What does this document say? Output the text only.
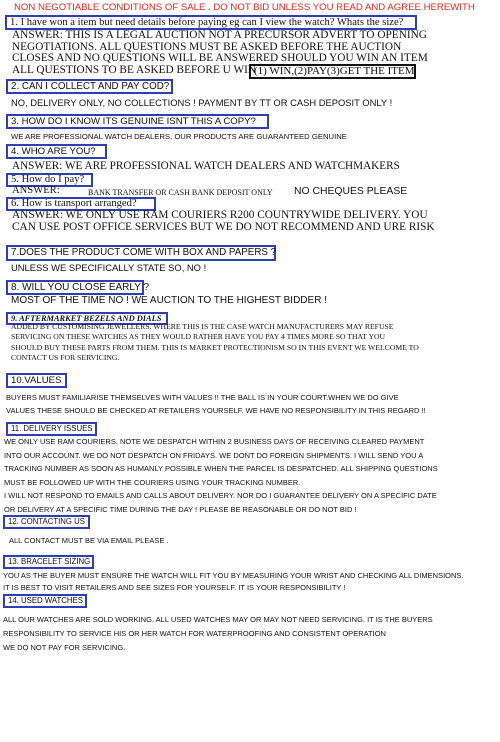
NON NEGOTIABLE CONDITIONS OF SALE . DO NOT BID UNLESS YOU READ AND AGREE HEREWITH
1. I have won a item but need details before paying eg can I view the watch? Whats the size?
ANSWER: THIS IS A LEGAL AUCTION NOT A PRECURSOR ADVERT TO OPENING
NEGOTIATIONS. ALL QUESTIONS MUST BE ASKED BEFORE THE AUCTION
CLOSES AND NO QUESTIONS WILL BE ANSWERED SHOULD YOU WIN AN ITEM
ALL QUESTIONS TO BE ASKED BEFORE U WIN
(1) WIN,(2)PAY(3)GET THE ITEM
2. CAN I COLLECT AND PAY COD?
NO, DELIVERY ONLY, NO COLLECTIONS ! PAYMENT BY TT OR CASH DEPOSIT ONLY !
3. HOW DO I KNOW ITS GENUINE ISNT THIS A COPY?
WE ARE PROFESSIONAL WATCH DEALERS, OUR PRODUCTS ARE GUARANTEED GENUINE
4. WHO ARE YOU?
ANSWER: WE ARE PROFESSIONAL WATCH DEALERS AND WATCHMAKERS
5. How do I pay?
ANSWER:	BANK TRANSFER OR CASH BANK DEPOSIT ONLY NO CHEQUES PLEASE
6. How is transport arranged?
ANSWER: WE ONLY USE RAM COURIERS R200 COUNTRYWIDE DELIVERY. YOU
CAN USE POST OFFICE SERVICES BUT WE DO NOT RECOMMEND AND URE RISK
7.DOES THE PRODUCT COME WITH BOX AND PAPERS ?
UNLESS WE SPECIFICALLY STATE SO, NO !
8. WILL YOU CLOSE EARLY ?
MOST OF THE TIME NO ! WE AUCTION TO THE HIGHEST BIDDER !
9. AFTERMARKET BEZELS AND DIALS
ADDED BY CUSTOMISING JEWELLERS. WHERE THIS IS THE CASE WATCH MANUFACTURERS MAY REFUSE
SERVICING ON THESE WATCHES AS THEY WOULD RATHER HAVE YOU PAY 4 TIMES MORE SO THAT YOU
SHOULD BUY THESE PARTS FROM THEM. THIS IS MARKET PROTECTIONISM SO IN THIS EVENT WE WELCOME TO
CONTACT US FOR SERVICING.
10.VALUES
BUYERS MUST FAMILIARISE THEMSELVES WITH VALUES !! THE BALL IS IN YOUR COURT.WHEN WE DO GIVE
VALUES THESE SHOULD BE CHECKED AT RETAILERS YOURSELF. WE HAVE NO RESPONSIBILITY IN THIS REGARD !!
11. DELIVERY ISSUES
WE ONLY USE RAM COURIERS. NOTE WE DESPATCH WITHIN 2 BUSINESS DAYS OF RECEIVING CLEARED PAYMENT
INTO OUR ACCOUNT. WE DO NOT DESPATCH ON FRIDAYS. WE DONT DO FOREIGN SHIPMENTS. I WILL SEND YOU A
TRACKING NUMBER AS SOON AS HUMANLY POSSIBLE WHEN THE PARCEL IS DESPATCHED. ALL SHIPPING QUESTIONS
MUST BE FOLLOWED UP WITH THE COURIERS USING YOUR TRACKING NUMBER.
I WILL NOT RESPOND TO EMAILS AND CALLS ABOUT DELIVERY. NOR DO I GUARANTEE DELIVERY ON A SPECIFIC DATE
OR DELIVERY AT A SPECIFIC TIME DURING THE DAY ! PLEASE BE REASONABLE OR DO NOT BID !
12. CONTACTING US
ALL CONTACT MUST BE VIA EMAIL PLEASE .
13. BRACELET SIZING
YOU AS THE BUYER MUST ENSURE THE WATCH WILL FIT YOU BY MEASURING YOUR WRIST AND CHECKING ALL DIMENSIONS.
IT IS BEST TO VISIT RETAILERS AND SEE SIZES FOR YOURSELF. IT IS YOUR RESPONSIBILITY !
14. USED WATCHES
ALL OUR WATCHES ARE SOLD WORKING. ALL USED WATCHES MAY OR MAY NOT NEED SERVICING. IT IS THE BUYERS
RESPONSIBILITY TO SERVICE HIS OR HER WATCH FOR WATERPROOFING AND CONSISTENT OPERATION
WE DO NOT PAY FOR SERVICING.
